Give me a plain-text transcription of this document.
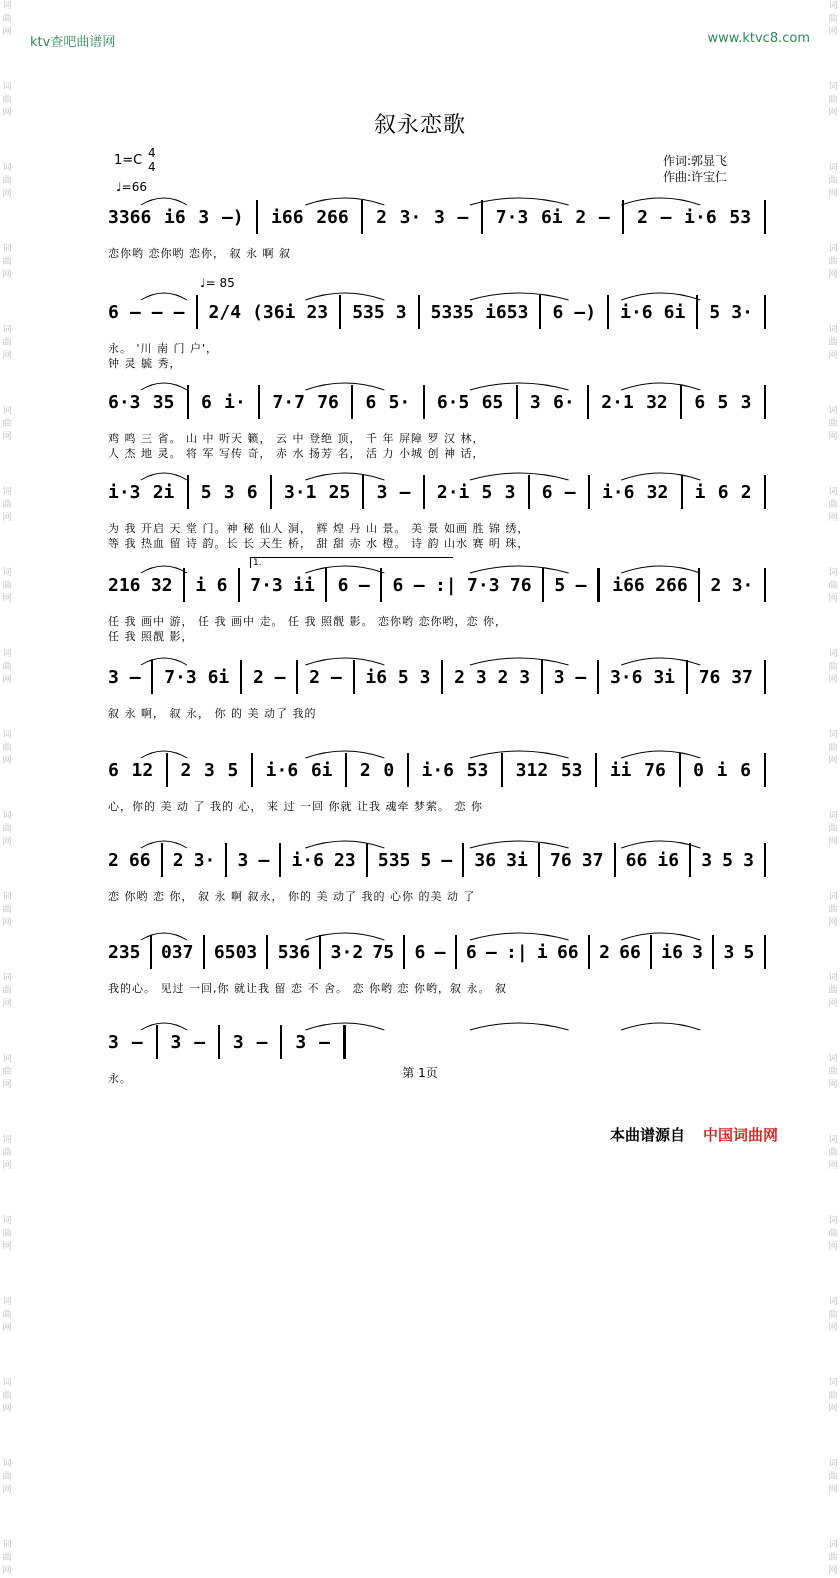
词曲网
词曲网
词曲网
词曲网
词曲网
词曲网
词曲网
词曲网
词曲网
词曲网
词曲网
词曲网
词曲网
词曲网
词曲网
词曲网
词曲网
词曲网
词曲网
词曲网
词曲网
词曲网
词曲网
词曲网
词曲网
词曲网
词曲网
词曲网
词曲网
词曲网
词曲网
词曲网
词曲网
词曲网
词曲网
词曲网
词曲网
词曲网
词曲网
词曲网
ktv查吧曲谱网	www.ktvc8.com
叙永恋歌
1=C 4
4
♩=66
作词:郭显飞
作曲:许宝仁
3366 i6 3 –) i66 266 2 3· 3 – 7·3 6i 2 – 2 – i·6 53
恋你哟 恋你哟 恋你， 叙 永 啊 叙
6 – – – 2/4 (36i 23 535 3 5335 i653 6 –) i·6 6i 5 3·
♩= 85
永。 '川 南 门 户'，
钟 灵 毓 秀，
6·3 35 6 i· 7·7 76 6 5· 6·5 65 3 6· 2·1 32 6 5 3
鸡 鸣 三 省。 山 中 听天 籁， 云 中 登绝 顶， 千 年 屏障 罗 汉 林，
人 杰 地 灵。 将 军 写传 奇， 赤 水 扬芳 名， 活 力 小城 创 神 话，
i·3 2i 5 3 6 3·1 25 3 – 2·i 5 3 6 – i·6 32 i 6 2
为 我 开启 天 堂 门。神 秘 仙人 洞， 辉 煌 丹 山 景。 美 景 如画 胜 锦 绣，
等 我 热血 留 诗 韵。长 长 天生 桥， 甜 甜 赤 水 橙。 诗 韵 山水 赛 明 珠，
216 32 i 6 7·3 ii 6 – 6 – :| 7·3 76 5 – i66 266 2 3·
1.
任 我 画中 游， 任 我 画中 走。 任 我 照靓 影。 恋你哟 恋你哟，恋 你，
任 我 照靓 影，
3 – 7·3 6i 2 – 2 – i6 5 3 2 3 2 3 3 – 3·6 3i 76 37
叙 永 啊， 叙 永， 你 的 美 动了 我的
6 12 2 3 5 i·6 6i 2 0 i·6 53 312 53 ii 76 0 i 6
心，你的 美 动 了 我的 心， 来 过 一回 你就 让我 魂牵 梦萦。 恋 你
2 66 2 3· 3 – i·6 23 535 5 – 36 3i 76 37 66 i6 3 5 3
恋 你哟 恋 你， 叙 永 啊 叙永， 你的 美 动了 我的 心你 的美 动 了
235 037 6503 536 3·2 75 6 – 6 – :| i 66 2 66 i6 3 3 5
我的心。 见过 一回,你 就让我 留 恋 不 舍。 恋 你哟 恋 你哟，叙 永。 叙
3 – 3 – 3 – 3 –
永。	第 1页
本曲谱源自 中国词曲网
